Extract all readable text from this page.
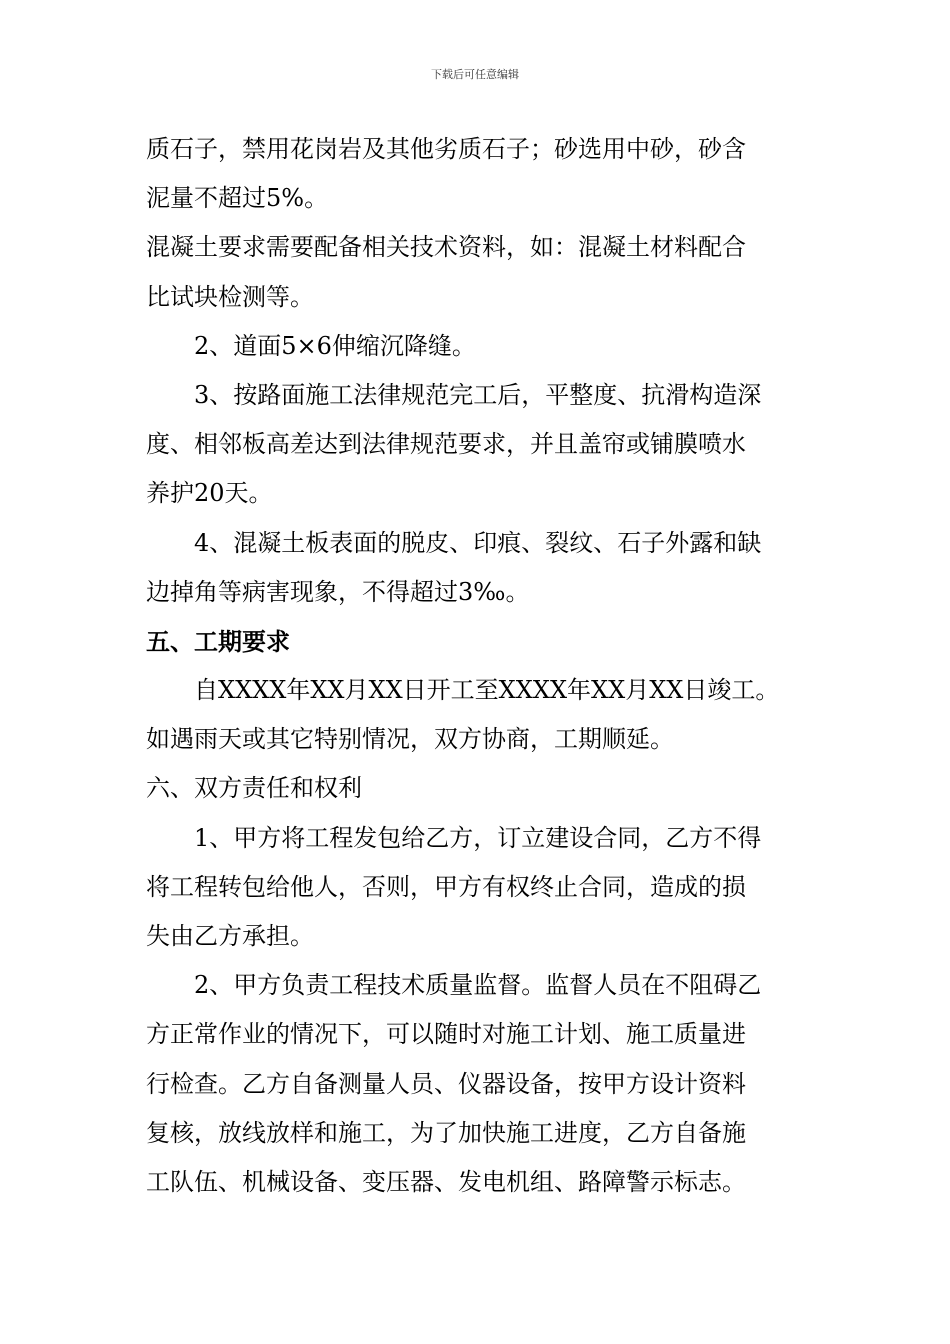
下载后可任意编辑
质石子，禁用花岗岩及其他劣质石子；砂选用中砂，砂含
泥量不超过5%。
混凝土要求需要配备相关技术资料，如：混凝土材料配合
比试块检测等。
2、道面5×6伸缩沉降缝。
3、按路面施工法律规范完工后，平整度、抗滑构造深
度、相邻板高差达到法律规范要求，并且盖帘或铺膜喷水
养护20天。
4、混凝土板表面的脱皮、印痕、裂纹、石子外露和缺
边掉角等病害现象，不得超过3‰。
五、工期要求
自XXXX年XX月XX日开工至XXXX年XX月XX日竣工。
如遇雨天或其它特别情况，双方协商，工期顺延。
六、双方责任和权利
1、甲方将工程发包给乙方，订立建设合同，乙方不得
将工程转包给他人，否则，甲方有权终止合同，造成的损
失由乙方承担。
2、甲方负责工程技术质量监督。监督人员在不阻碍乙
方正常作业的情况下，可以随时对施工计划、施工质量进
行检查。乙方自备测量人员、仪器设备，按甲方设计资料
复核，放线放样和施工，为了加快施工进度，乙方自备施
工队伍、机械设备、变压器、发电机组、路障警示标志。
